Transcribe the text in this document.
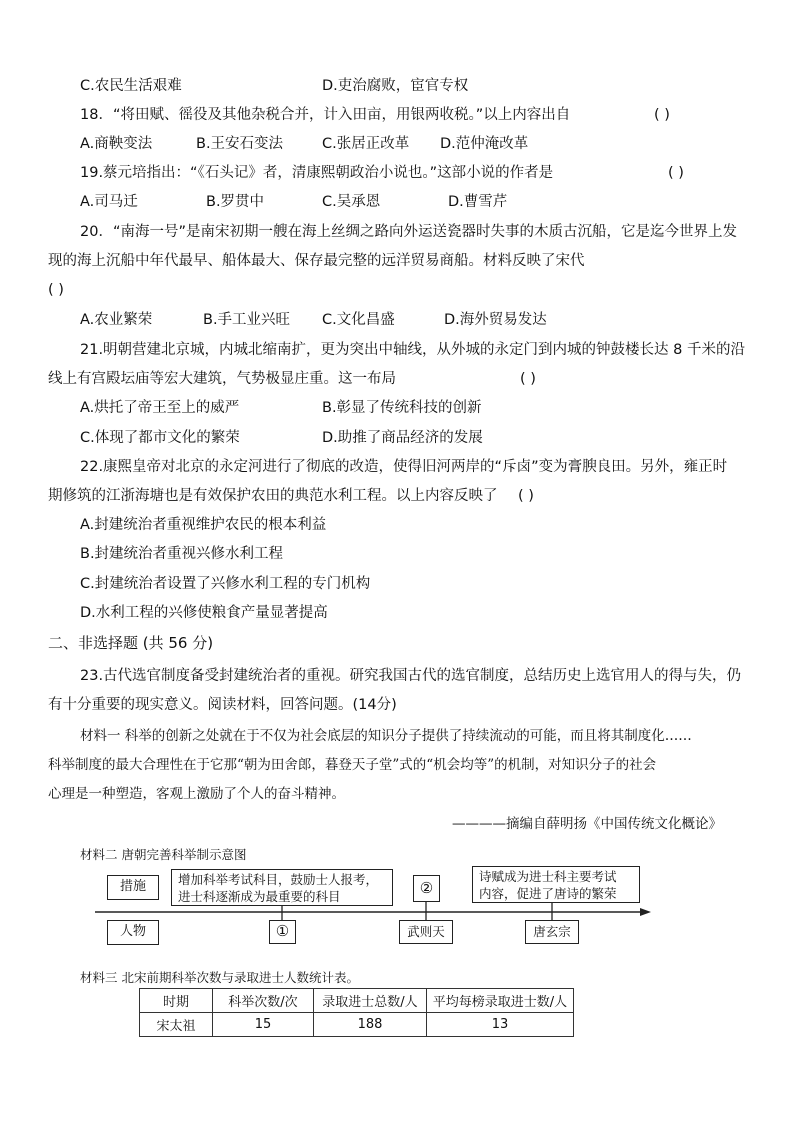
C.农民生活艰难	D.吏治腐败，宦官专权
18．“将田赋、徭役及其他杂税合并，计入田亩，用银两收税。”以上内容出自	( )
A.商鞅变法	B.王安石变法	C.张居正改革 D.范仲淹改革
19.蔡元培指出：“《石头记》者，清康熙朝政治小说也。”这部小说的作者是	( )
A.司马迁	B.罗贯中	C.吴承恩	D.曹雪芹
20．“南海一号”是南宋初期一艘在海上丝绸之路向外运送瓷器时失事的木质古沉船，它是迄今世界上发
现的海上沉船中年代最早、船体最大、保存最完整的远洋贸易商船。材料反映了宋代
( )
A.农业繁荣	B.手工业兴旺 C.文化昌盛	D.海外贸易发达
21.明朝营建北京城，内城北缩南扩，更为突出中轴线，从外城的永定门到内城的钟鼓楼长达 8 千米的沿
线上有宫殿坛庙等宏大建筑，气势极显庄重。这一布局	( )
A.烘托了帝王至上的威严	B.彰显了传统科技的创新
C.体现了都市文化的繁荣	D.助推了商品经济的发展
22.康熙皇帝对北京的永定河进行了彻底的改造，使得旧河两岸的“斥卤”变为膏腴良田。另外，雍正时
期修筑的江浙海塘也是有效保护农田的典范水利工程。以上内容反映了 ( )
A.封建统治者重视维护农民的根本利益
B.封建统治者重视兴修水利工程
C.封建统治者设置了兴修水利工程的专门机构
D.水利工程的兴修使粮食产量显著提高
二、非选择题 (共 56 分)
23.古代选官制度备受封建统治者的重视。研究我国古代的选官制度，总结历史上选官用人的得与失，仍
有十分重要的现实意义。阅读材料，回答问题。(14分)
材料一 科举的创新之处就在于不仅为社会底层的知识分子提供了持续流动的可能，而且将其制度化……
科举制度的最大合理性在于它那“朝为田舍郎，暮登天子堂”式的“机会均等”的机制，对知识分子的社会
心理是一种塑造，客观上激励了个人的奋斗精神。
————摘编自薛明扬《中国传统文化概论》
材料二 唐朝完善科举制示意图
措施
人物
增加科举考试科目，鼓励士人报考，
进士科逐渐成为最重要的科目	②
诗赋成为进士科主要考试
内容，促进了唐诗的繁荣
①	武则天	唐玄宗
材料三 北宋前期科举次数与录取进士人数统计表。
时期	科举次数/次	录取进士总数/人	平均每榜录取进士数/人
宋太祖	15	188	13
